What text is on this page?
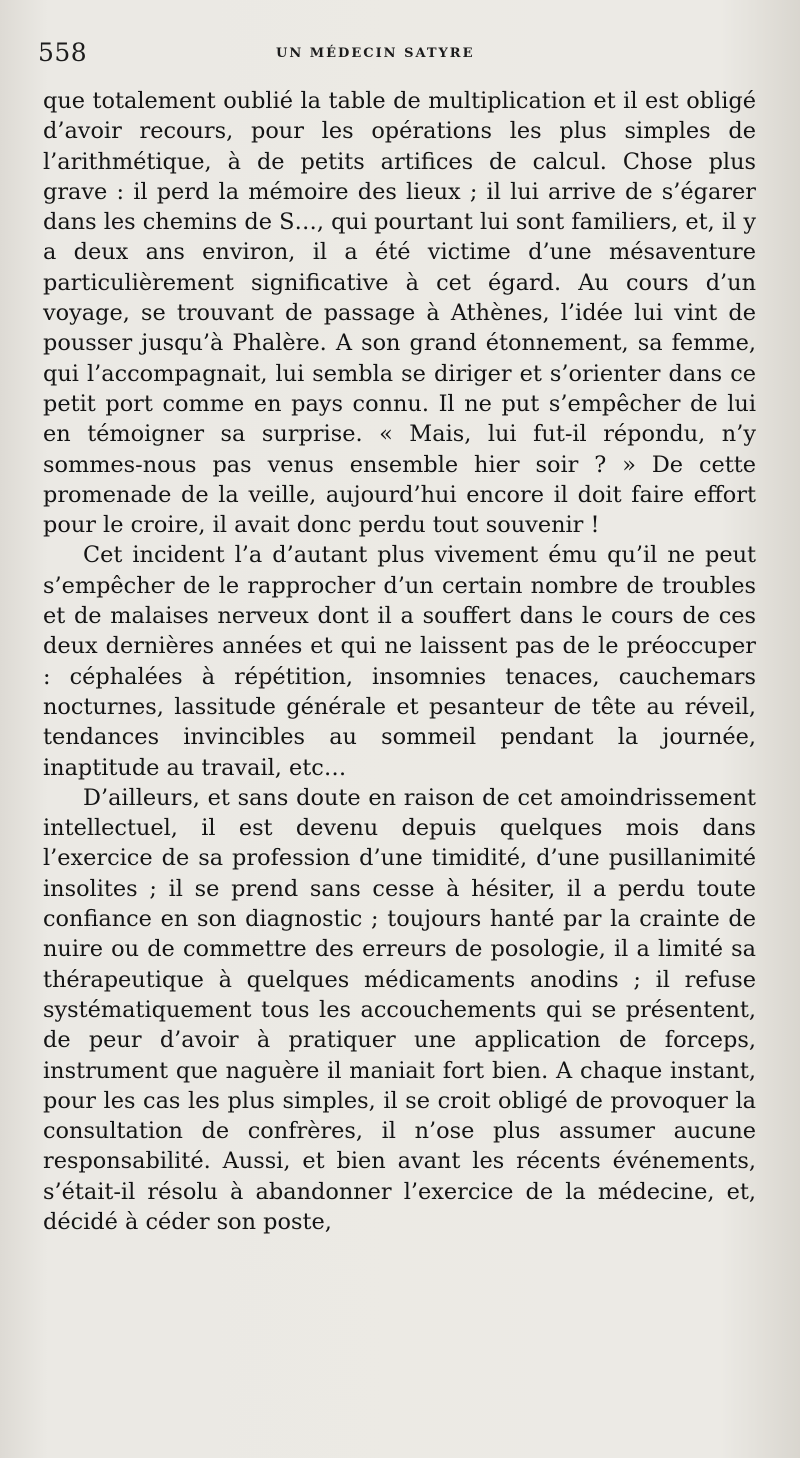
558	UN MÉDECIN SATYRE

que totalement oublié la table de multiplication et il est obligé d’avoir recours, pour les opérations les plus simples de l’arithmétique, à de petits artifices de calcul. Chose plus grave : il perd la mémoire des lieux ; il lui arrive de s’égarer dans les chemins de S…, qui pourtant lui sont familiers, et, il y a deux ans environ, il a été victime d’une mésaventure particulièrement significative à cet égard. Au cours d’un voyage, se trouvant de passage à Athènes, l’idée lui vint de pousser jusqu’à Phalère. A son grand étonnement, sa femme, qui l’accompagnait, lui sembla se diriger et s’orienter dans ce petit port comme en pays connu. Il ne put s’empêcher de lui en témoigner sa surprise. « Mais, lui fut-il répondu, n’y sommes-nous pas venus ensemble hier soir ? » De cette promenade de la veille, aujourd’hui encore il doit faire effort pour le croire, il avait donc perdu tout souvenir !

Cet incident l’a d’autant plus vivement ému qu’il ne peut s’empêcher de le rapprocher d’un certain nombre de troubles et de malaises nerveux dont il a souffert dans le cours de ces deux dernières années et qui ne laissent pas de le préoccuper : céphalées à répétition, insomnies tenaces, cauchemars nocturnes, lassitude générale et pesanteur de tête au réveil, tendances invincibles au sommeil pendant la journée, inaptitude au travail, etc…

D’ailleurs, et sans doute en raison de cet amoindrissement intellectuel, il est devenu depuis quelques mois dans l’exercice de sa profession d’une timidité, d’une pusillanimité insolites ; il se prend sans cesse à hésiter, il a perdu toute confiance en son diagnostic ; toujours hanté par la crainte de nuire ou de commettre des erreurs de posologie, il a limité sa thérapeutique à quelques médicaments anodins ; il refuse systématiquement tous les accouchements qui se présentent, de peur d’avoir à pratiquer une application de forceps, instrument que naguère il maniait fort bien. A chaque instant, pour les cas les plus simples, il se croit obligé de provoquer la consultation de confrères, il n’ose plus assumer aucune responsabilité. Aussi, et bien avant les récents événements, s’était-il résolu à abandonner l’exercice de la médecine, et, décidé à céder son poste,
